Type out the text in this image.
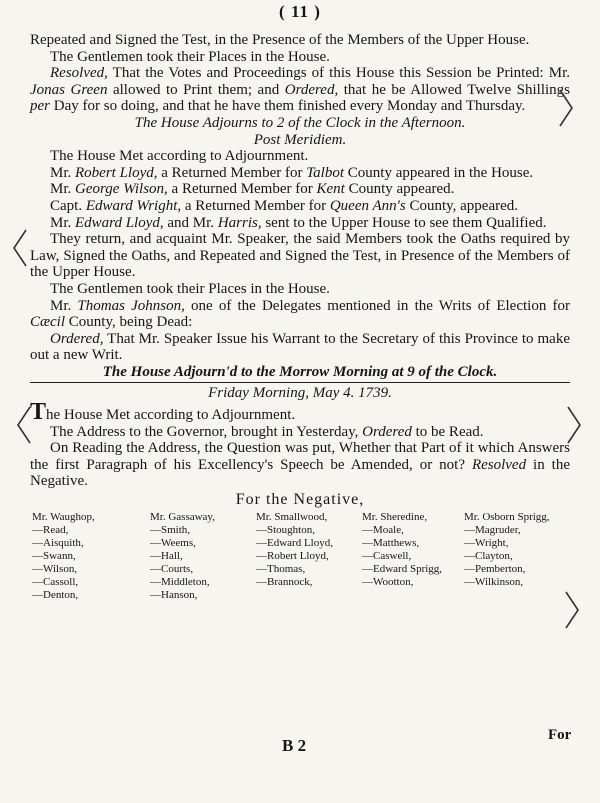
( 11 )

Repeated and Signed the Test, in the Presence of the Members of the Upper House.

The Gentlemen took their Places in the House.

Resolved, That the Votes and Proceedings of this House this Session be Printed: Mr. Jonas Green allowed to Print them; and Ordered, that he be Allowed Twelve Shillings per Day for so doing, and that he have them finished every Monday and Thursday.

The House Adjourns to 2 of the Clock in the Afternoon.

Post Meridiem.

The House Met according to Adjournment.

Mr. Robert Lloyd, a Returned Member for Talbot County appeared in the House.

Mr. George Wilson, a Returned Member for Kent County appeared.

Capt. Edward Wright, a Returned Member for Queen Ann's County, appeared.

Mr. Edward Lloyd, and Mr. Harris, sent to the Upper House to see them Qualified.

They return, and acquaint Mr. Speaker, the said Members took the Oaths required by Law, Signed the Oaths, and Repeated and Signed the Test, in Presence of the Members of the Upper House.

The Gentlemen took their Places in the House.

Mr. Thomas Johnson, one of the Delegates mentioned in the Writs of Election for Cæcil County, being Dead:

Ordered, That Mr. Speaker Issue his Warrant to the Secretary of this Province to make out a new Writ.

The House Adjourn'd to the Morrow Morning at 9 of the Clock.

Friday Morning, May 4. 1739.

The House Met according to Adjournment.

The Address to the Governor, brought in Yesterday, Ordered to be Read.

On Reading the Address, the Question was put, Whether that Part of it which Answers the first Paragraph of his Excellency's Speech be Amended, or not? Resolved in the Negative.

For the Negative,

Mr. Waughop,
—Read,
—Aisquith,
—Swann,
—Wilson,
—Cassoll,
—Denton,
Mr. Gassaway,
—Smith,
—Weems,
—Hall,
—Courts,
—Middleton,
—Hanson,
Mr. Smallwood,
—Stoughton,
—Edward Lloyd,
—Robert Lloyd,
—Thomas,
—Brannock,
Mr. Sheredine,
—Moale,
—Matthews,
—Caswell,
—Edward Sprigg,
—Wootton,
Mr. Osborn Sprigg,
—Magruder,
—Wright,
—Clayton,
—Pemberton,
—Wilkinson,
For
B 2
